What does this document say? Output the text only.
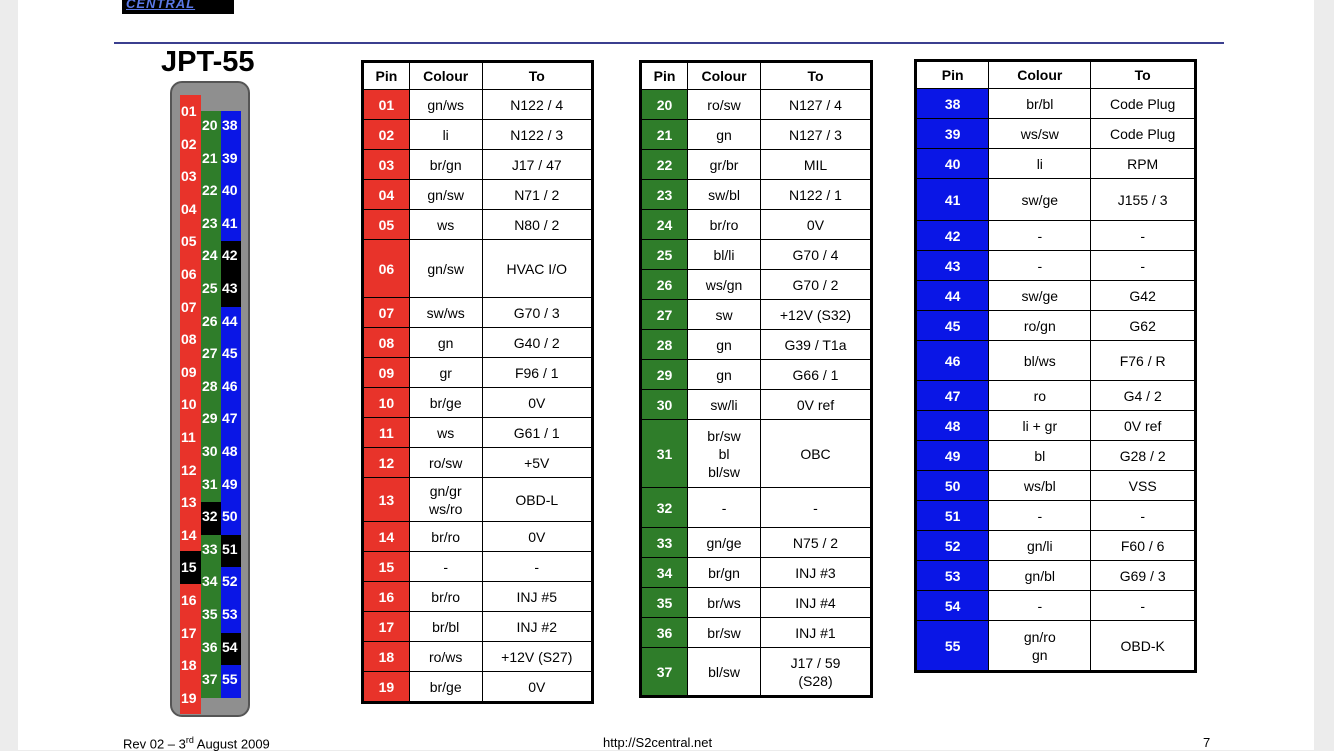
CENTRAL
JPT-55
01
02
03
04
05
06
07
08
09
10
11
12
13
14
15
16
17
18
19
20
21
22
23
24
25
26
27
28
29
30
31
32
33
34
35
36
37
38
39
40
41
42
43
44
45
46
47
48
49
50
51
52
53
54
55
Pin	Colour	To
01	gn/ws	N122 / 4
02	li	N122 / 3
03	br/gn	J17 / 47
04	gn/sw	N71 / 2
05	ws	N80 / 2
06	gn/sw	HVAC I/O
07	sw/ws	G70 / 3
08	gn	G40 / 2
09	gr	F96 / 1
10	br/ge	0V
11	ws	G61 / 1
12	ro/sw	+5V
13	gn/gr
ws/ro	OBD-L
14	br/ro	0V
15	-	-
16	br/ro	INJ #5
17	br/bl	INJ #2
18	ro/ws	+12V (S27)
19	br/ge	0V
Pin	Colour	To
20	ro/sw	N127 / 4
21	gn	N127 / 3
22	gr/br	MIL
23	sw/bl	N122 / 1
24	br/ro	0V
25	bl/li	G70 / 4
26	ws/gn	G70 / 2
27	sw	+12V (S32)
28	gn	G39 / T1a
29	gn	G66 / 1
30	sw/li	0V ref
31	br/sw
bl
bl/sw	OBC
32	-	-
33	gn/ge	N75 / 2
34	br/gn	INJ #3
35	br/ws	INJ #4
36	br/sw	INJ #1
37	bl/sw	J17 / 59
(S28)
Pin	Colour	To
38	br/bl	Code Plug
39	ws/sw	Code Plug
40	li	RPM
41	sw/ge	J155 / 3
42	-	-
43	-	-
44	sw/ge	G42
45	ro/gn	G62
46	bl/ws	F76 / R
47	ro	G4 / 2
48	li + gr	0V ref
49	bl	G28 / 2
50	ws/bl	VSS
51	-	-
52	gn/li	F60 / 6
53	gn/bl	G69 / 3
54	-	-
55	gn/ro
gn	OBD-K
Rev 02 – 3rd August 2009	http://S2central.net	7
